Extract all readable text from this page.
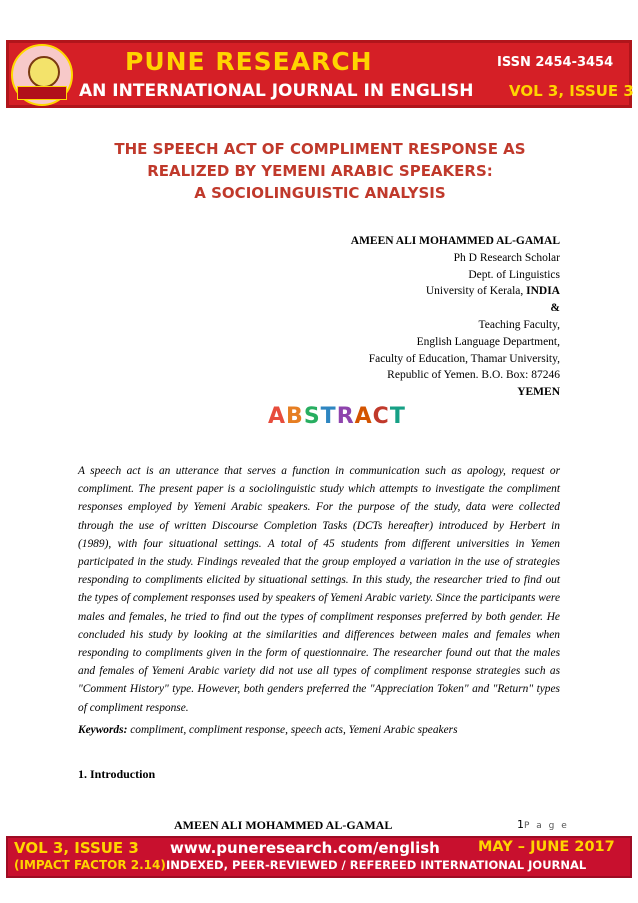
PUNE RESEARCH
AN INTERNATIONAL JOURNAL IN ENGLISH
ISSN 2454-3454
VOL 3, ISSUE 3
THE SPEECH ACT OF COMPLIMENT RESPONSE AS
REALIZED BY YEMENI ARABIC SPEAKERS:
A SOCIOLINGUISTIC ANALYSIS
AMEEN ALI MOHAMMED AL-GAMAL
Ph D Research Scholar
Dept. of Linguistics
University of Kerala, INDIA
&
Teaching Faculty,
English Language Department,
Faculty of Education, Thamar University,
Republic of Yemen. B.O. Box: 87246
YEMEN
ABSTRACT
A speech act is an utterance that serves a function in communication such as apology, request or compliment. The present paper is a sociolinguistic study which attempts to investigate the compliment responses employed by Yemeni Arabic speakers. For the purpose of the study, data were collected through the use of written Discourse Completion Tasks (DCTs hereafter) introduced by Herbert in (1989), with four situational settings. A total of 45 students from different universities in Yemen participated in the study. Findings revealed that the group employed a variation in the use of strategies responding to compliments elicited by situational settings. In this study, the researcher tried to find out the types of complement responses used by speakers of Yemeni Arabic variety. Since the participants were males and females, he tried to find out the types of compliment responses preferred by both gender. He concluded his study by looking at the similarities and differences between males and females when responding to compliments given in the form of questionnaire. The researcher found out that the males and females of Yemeni Arabic variety did not use all types of compliment response strategies such as "Comment History" type. However, both genders preferred the "Appreciation Token" and "Return" types of compliment response.
Keywords: compliment, compliment response, speech acts, Yemeni Arabic speakers
1. Introduction
AMEEN ALI MOHAMMED AL-GAMAL	1P a g e
VOL 3, ISSUE 3 www.puneresearch.com/english	MAY – JUNE 2017
(IMPACT FACTOR 2.14) INDEXED, PEER-REVIEWED / REFEREED INTERNATIONAL JOURNAL
